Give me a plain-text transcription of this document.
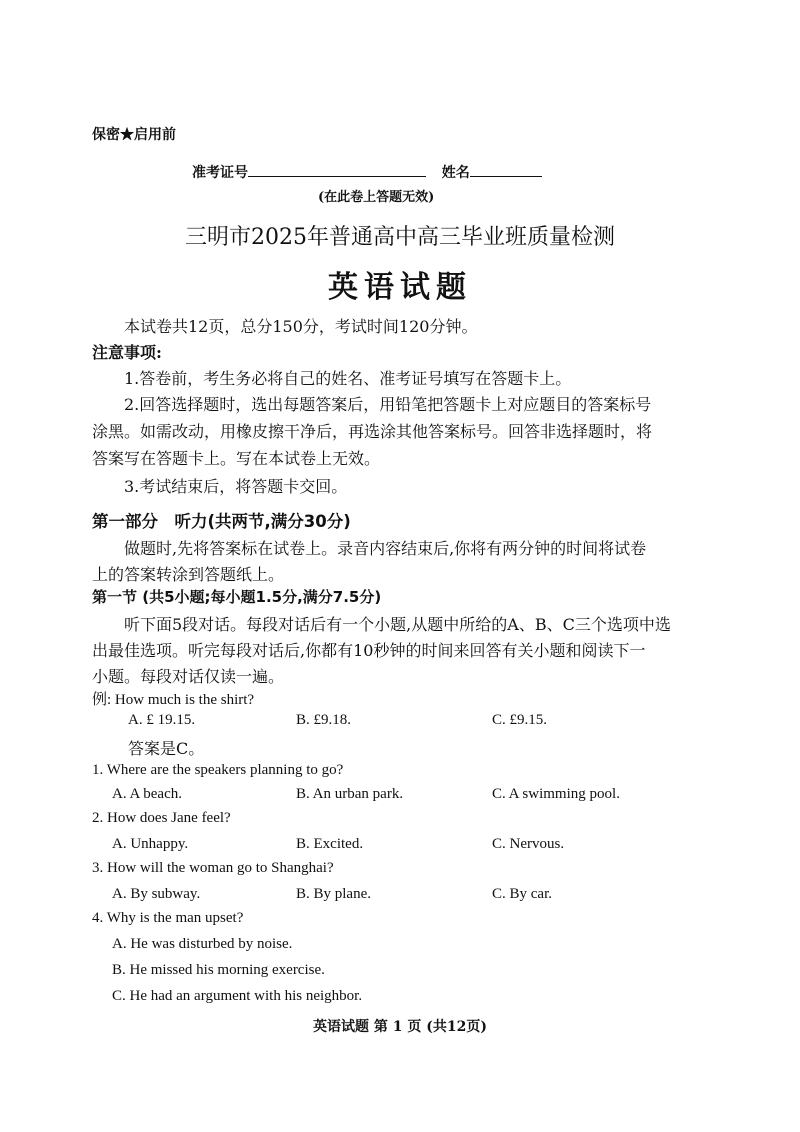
保密★启用前
准考证号	姓名
(在此卷上答题无效)
三明市2025年普通高中高三毕业班质量检测
英语试题
本试卷共12页，总分150分，考试时间120分钟。
注意事项:
1.答卷前，考生务必将自己的姓名、准考证号填写在答题卡上。
2.回答选择题时，选出每题答案后，用铅笔把答题卡上对应题目的答案标号
涂黑。如需改动，用橡皮擦干净后，再选涂其他答案标号。回答非选择题时，将
答案写在答题卡上。写在本试卷上无效。
3.考试结束后，将答题卡交回。
第一部分　听力(共两节,满分30分)
做题时,先将答案标在试卷上。录音内容结束后,你将有两分钟的时间将试卷
上的答案转涂到答题纸上。
第一节 (共5小题;每小题1.5分,满分7.5分)
听下面5段对话。每段对话后有一个小题,从题中所给的A、B、C三个选项中选
出最佳选项。听完每段对话后,你都有10秒钟的时间来回答有关小题和阅读下一
小题。每段对话仅读一遍。
例: How much is the shirt?
A. £ 19.15.	B. £9.18.	C. £9.15.
答案是C。
1. Where are the speakers planning to go?
A. A beach.	B. An urban park.	C. A swimming pool.
2. How does Jane feel?
A. Unhappy.	B. Excited.	C. Nervous.
3. How will the woman go to Shanghai?
A. By subway.	B. By plane.	C. By car.
4. Why is the man upset?
A. He was disturbed by noise.
B. He missed his morning exercise.
C. He had an argument with his neighbor.
英语试题 第 1 页 (共12页)
